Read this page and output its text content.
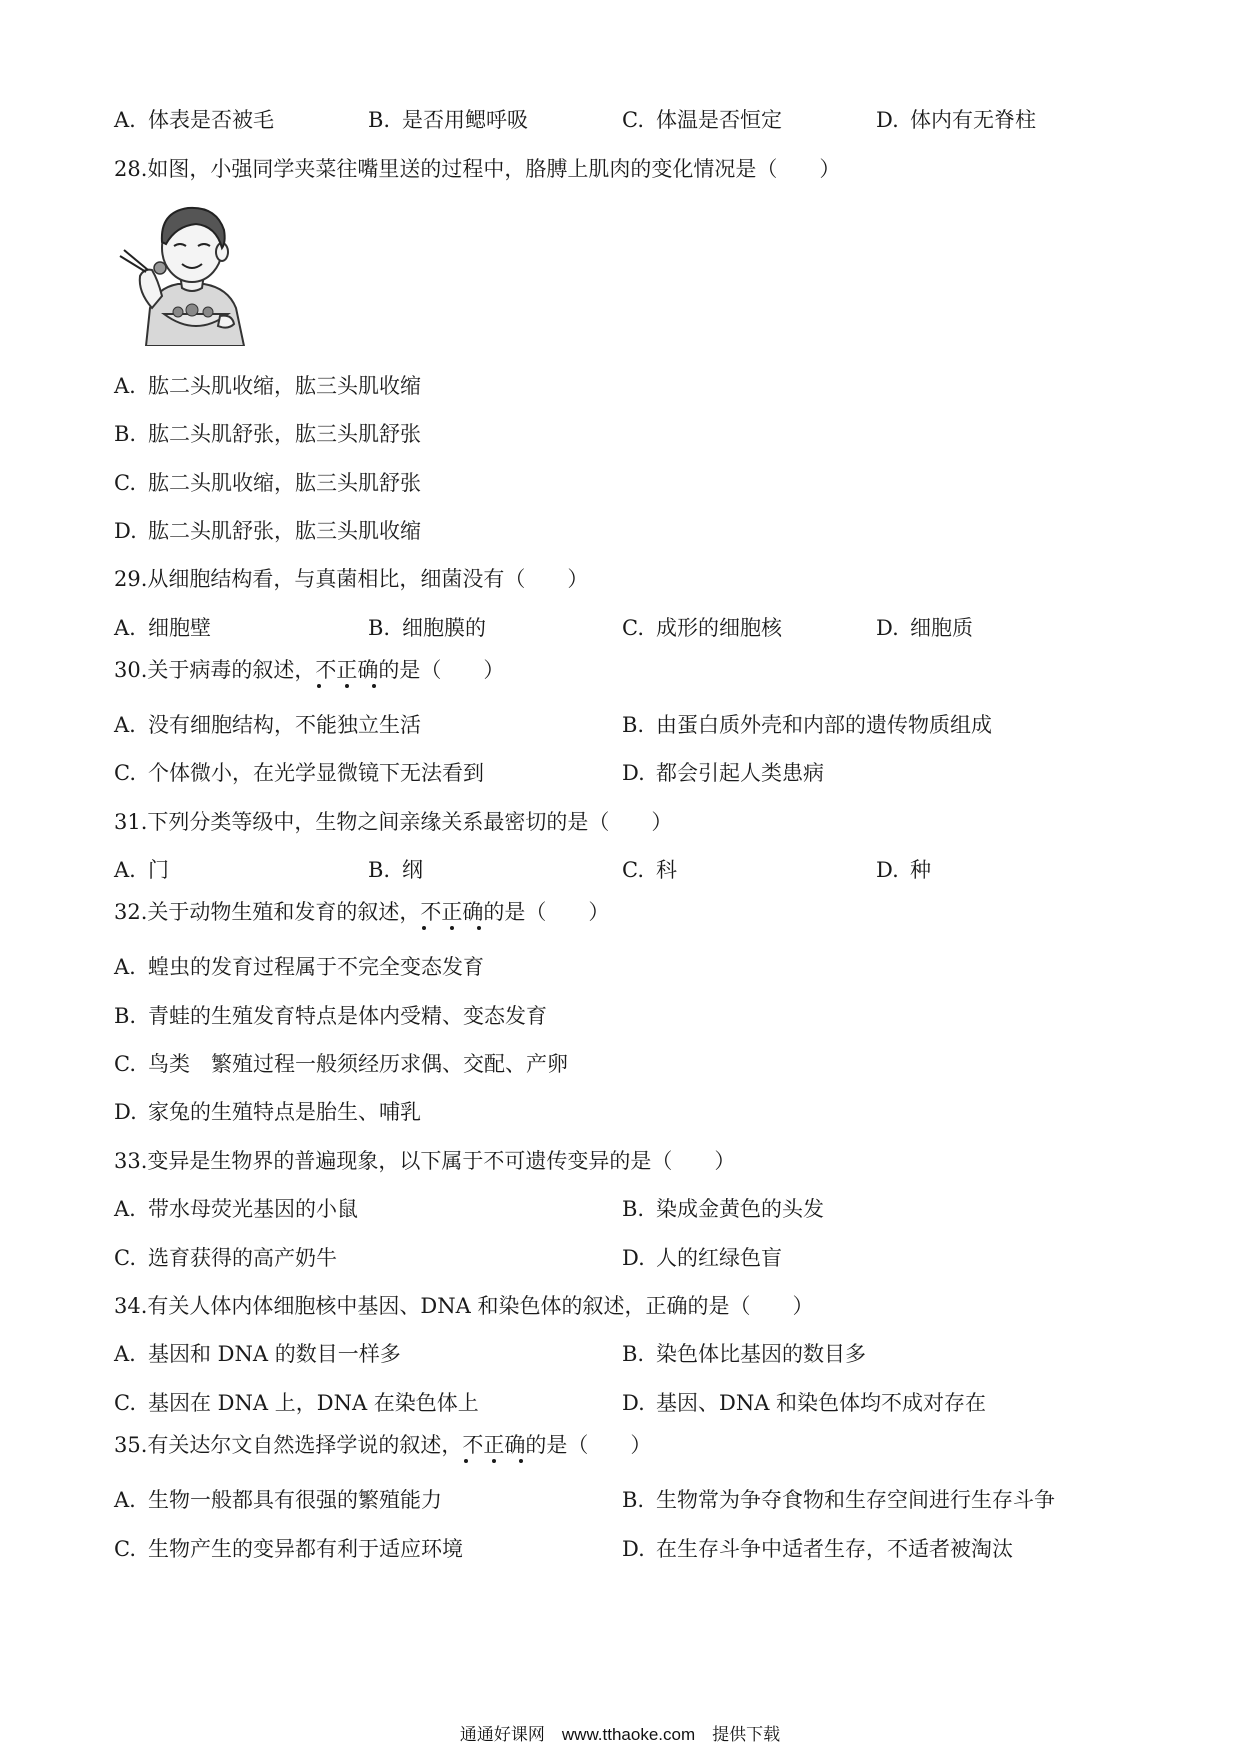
A. 体表是否被毛	B. 是否用鳃呼吸	C. 体温是否恒定	D. 体内有无脊柱
28.如图，小强同学夹菜往嘴里送的过程中，胳膊上肌肉的变化情况是（　　）
A. 肱二头肌收缩，肱三头肌收缩
B. 肱二头肌舒张，肱三头肌舒张
C. 肱二头肌收缩，肱三头肌舒张
D. 肱二头肌舒张，肱三头肌收缩
29.从细胞结构看，与真菌相比，细菌没有（　　）
A. 细胞壁	B. 细胞膜的	C. 成形的细胞核	D. 细胞质
30.关于病毒的叙述，不正确
的是（　　）
A. 没有细胞结构，不能独立生活	B. 由蛋白质外壳和内部的遗传物质组成
C. 个体微小，在光学显微镜下无法看到	D. 都会引起人类患病
31.下列分类等级中，生物之间亲缘关系最密切的是（　　）
A. 门	B. 纲	C. 科	D. 种
32.关于动物生殖和发育的叙述，不正确
的是（　　）
A. 蝗虫的发育过程属于不完全变态发育
B. 青蛙的生殖发育特点是体内受精、变态发育
C. 鸟类　繁殖过程一般须经历求偶、交配、产卵
D. 家兔的生殖特点是胎生、哺乳
33.变异是生物界的普遍现象，以下属于不可遗传变异的是（　　）
A. 带水母荧光基因的小鼠	B. 染成金黄色的头发
C. 选育获得的高产奶牛	D. 人的红绿色盲
34.有关人体内体细胞核中基因、DNA 和染色体的叙述，正确的是（　　）
A. 基因和 DNA 的数目一样多	B. 染色体比基因的数目多
C. 基因在 DNA 上，DNA 在染色体上	D. 基因、DNA 和染色体均不成对存在
35.有关达尔文自然选择学说的叙述，不正确
的是（　　）
A. 生物一般都具有很强的繁殖能力	B. 生物常为争夺食物和生存空间进行生存斗争
C. 生物产生的变异都有利于适应环境	D. 在生存斗争中适者生存，不适者被淘汰
通通好课网　www.tthaoke.com　提供下载
